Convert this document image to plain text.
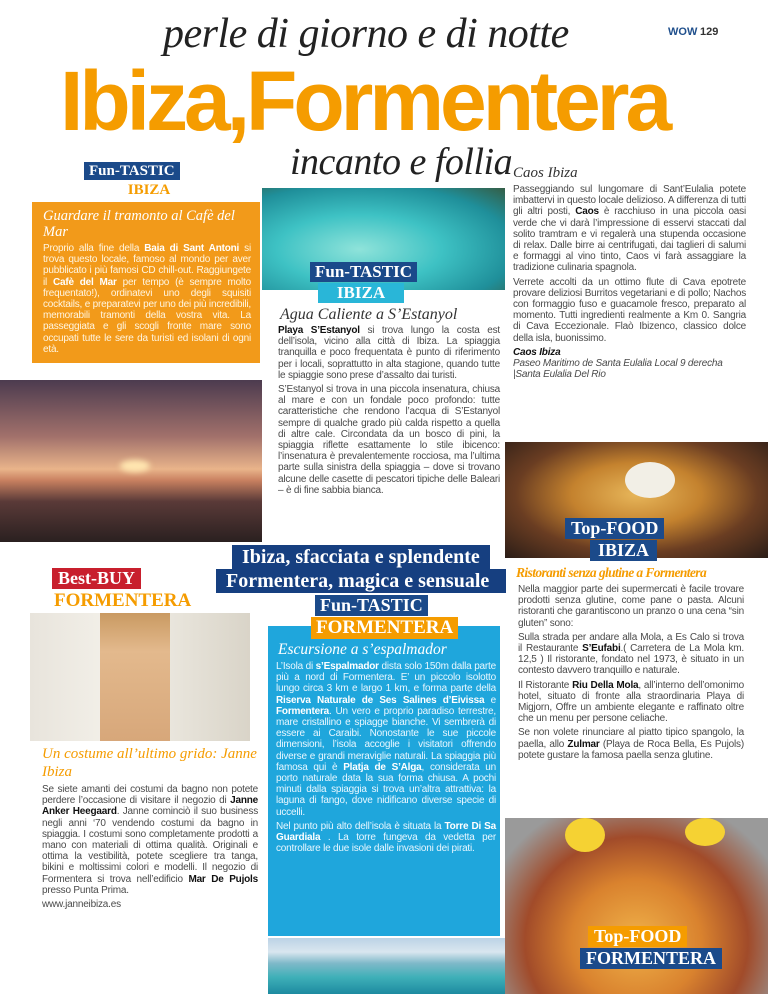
WOW 129
perle di giorno e di notte
Ibiza,Formentera
incanto e follia
Guardare il tramonto al Cafè del Mar
Proprio alla fine della Baia di Sant Antoni si trova questo locale, famoso al mondo per aver pubblicato i più famosi CD chill-out. Raggiungete il Cafè del Mar per tempo (è sempre molto frequentato!), ordinatevi uno degli squisiti cocktails, e preparatevi per uno dei più incredibili, memorabili tramonti della vostra vita. La passeggiata e gli scogli fronte mare sono occupati tutte le sere da turisti ed isolani di ogni età.
Fun-TASTIC
IBIZA
Fun-TASTIC
IBIZA
Agua Caliente a S’Estanyol

Playa S’Estanyol si trova lungo la costa est dell’isola, vicino alla città di Ibiza. La spiaggia tranquilla e poco frequentata è punto di riferimento per i locali, soprattutto in alta stagione, quando tutte le spiaggie sono prese d’assalto dai turisti.

S’Estanyol si trova in una piccola insenatura, chiusa al mare e con un fondale poco profondo: tutte caratteristiche che rendono l’acqua di S’Estanyol sempre di qualche grado più calda rispetto a quella di altre cale. Circondata da un bosco di pini, la spiaggia riflette esattamente lo stile ibicenco: l’insenatura è prevalentemente rocciosa, ma l’ultima parte sulla sinistra della spiaggia – dove si trovano alcune delle casette di pescatori tipiche delle Baleari – è di fine sabbia bianca.

Caos Ibiza

Passeggiando sul lungomare di Sant’Eulalia potete imbattervi in questo locale delizioso. A differenza di tutti gli altri posti, Caos è racchiuso in una piccola oasi verde che vi darà l’impressione di esservi staccati dal solito tramtram e vi regalerà una stupenda occasione di relax. Dalle birre ai centrifugati, dai taglieri di salumi e formaggi al vino tinto, Caos vi farà assaggiare la tradizione culinaria spagnola.

Verrete accolti da un ottimo flute di Cava epotrete provare deliziosi Burritos vegetariani e di pollo; Nachos con formaggio fuso e guacamole fresco, preparato al momento. Tutti ingredienti realmente a Km 0. Sangria di Cava Eccezionale. Flaò Ibizenco, classico dolce della isla, buonissimo.

Caos Ibiza

Paseo Maritimo de Santa Eulalia Local 9 derecha |Santa Eulalia Del Rio

Top-FOOD
IBIZA
Ibiza, sfacciata e splendente
Formentera, magica e sensuale
Best-BUY
FORMENTERA
Un costume all’ultimo grido: Janne Ibiza

Se siete amanti dei costumi da bagno non potete perdere l’occasione di visitare il negozio di Janne Anker Heegaard. Janne cominciò il suo business negli anni ‘70 vendendo costumi da bagno in spiaggia. I costumi sono completamente prodotti a mano con materiali di ottima qualità. Originali e ottima la vestibilità, potete scegliere tra tanga, bikini e moltissimi colori e modelli. Il negozio di Formentera si trova nell’edificio Mar De Pujols presso Punta Prima.

www.janneibiza.es

Fun-TASTIC
FORMENTERA
Escursione a s’espalmador

L’Isola di s’Espalmador dista solo 150m dalla parte più a nord di Formentera. E’ un piccolo isolotto lungo circa 3 km e largo 1 km, e forma parte della Riserva Naturale de Ses Salines d’Eivissa e Formentera. Un vero e proprio paradiso terrestre, mare cristallino e spiagge bianche. Vi sembrerà di essere ai Caraibi. Nonostante le sue piccole dimensioni, l’isola accoglie i visitatori offrendo diverse e grandi meraviglie naturali. La spiaggia più famosa qui è Platja de S’Alga, considerata un porto naturale data la sua forma chiusa. A pochi minuti dalla spiaggia si trova un’altra attrattiva: la laguna di fango, dove nidificano diverse specie di uccelli.

Nel punto più alto dell’isola è situata la Torre Di Sa Guardiala . La torre fungeva da vedetta per controllare le due isole dalle invasioni dei pirati.

Ristoranti senza glutine a Formentera

Nella maggior parte dei supermercati è facile trovare prodotti senza glutine, come pane o pasta. Alcuni ristoranti che garantiscono un pranzo o una cena “sin gluten” sono:

Sulla strada per andare alla Mola, a Es Calo si trova il Restaurante S’Eufabi.( Carretera de La Mola km. 12,5 ) Il ristorante, fondato nel 1973, è situato in un contesto davvero tranquillo e naturale.

Il Ristorante Riu Della Mola, all’interno dell’omonimo hotel, situato di fronte alla straordinaria Playa di Migjorn, Offre un ambiente elegante e raffinato oltre che un menu per persone celiache.

Se non volete rinunciare al piatto tipico spangolo, la paella, allo Zulmar (Playa de Roca Bella, Es Pujols) potete gustare la famosa paella senza glutine.

Top-FOOD
FORMENTERA
